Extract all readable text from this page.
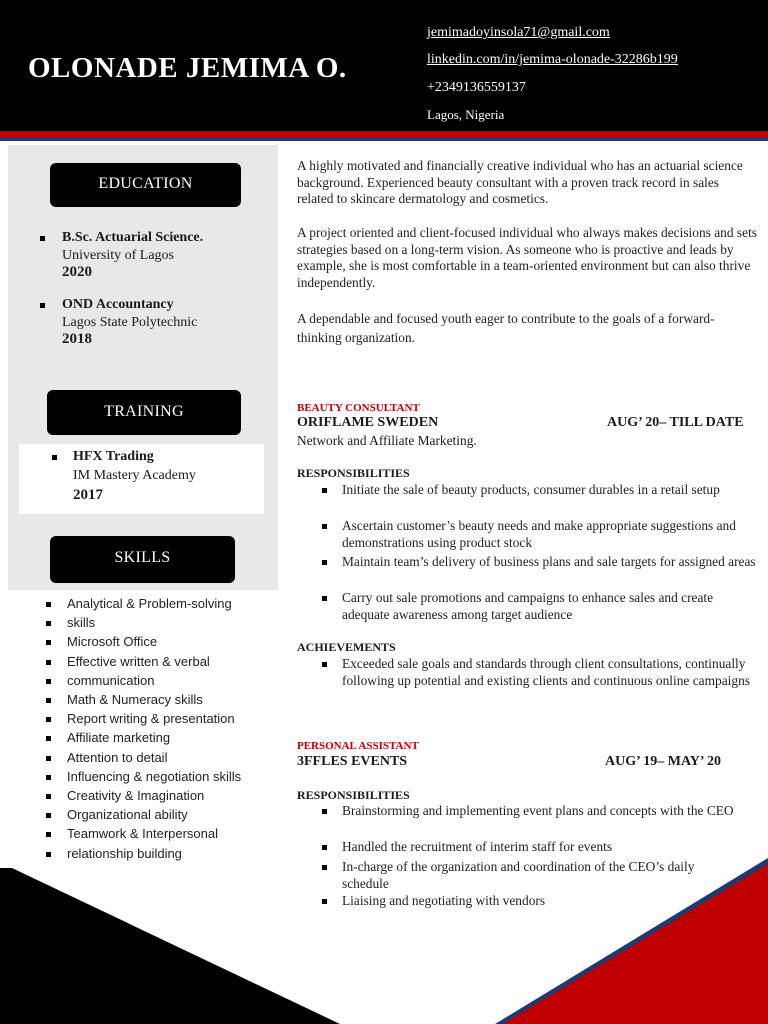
OLONADE JEMIMA O.
jemimadoyinsola71@gmail.com
linkedin.com/in/jemima-olonade-32286b199
+2349136559137
Lagos, Nigeria
EDUCATION
B.Sc. Actuarial Science.
University of Lagos
2020
OND Accountancy
Lagos State Polytechnic
2018
TRAINING
HFX Trading
IM Mastery Academy
2017
SKILLS
Analytical & Problem-solving
skills
Microsoft Office
Effective written & verbal
communication
Math & Numeracy skills
Report writing & presentation
Affiliate marketing
Attention to detail
Influencing & negotiation skills
Creativity & Imagination
Organizational ability
Teamwork & Interpersonal
relationship building
A highly motivated and financially creative individual who has an actuarial science background. Experienced beauty consultant with a proven track record in sales related to skincare dermatology and cosmetics.
A project oriented and client-focused individual who always makes decisions and sets strategies based on a long-term vision. As someone who is proactive and leads by example, she is most comfortable in a team-oriented environment but can also thrive independently.
A dependable and focused youth eager to contribute to the goals of a forward-thinking organization.
BEAUTY CONSULTANT
ORIFLAME SWEDEN	AUG’ 20– TILL DATE
Network and Affiliate Marketing.
RESPONSIBILITIES
Initiate the sale of beauty products, consumer durables in a retail setup
Ascertain customer’s beauty needs and make appropriate suggestions and demonstrations using product stock
Maintain team’s delivery of business plans and sale targets for assigned areas
Carry out sale promotions and campaigns to enhance sales and create adequate awareness among target audience
ACHIEVEMENTS
Exceeded sale goals and standards through client consultations, continually following up potential and existing clients and continuous online campaigns
PERSONAL ASSISTANT
3FFLES EVENTS	AUG’ 19– MAY’ 20
RESPONSIBILITIES
Brainstorming and implementing event plans and concepts with the CEO
Handled the recruitment of interim staff for events
In-charge of the organization and coordination of the CEO’s daily schedule
Liaising and negotiating with vendors
